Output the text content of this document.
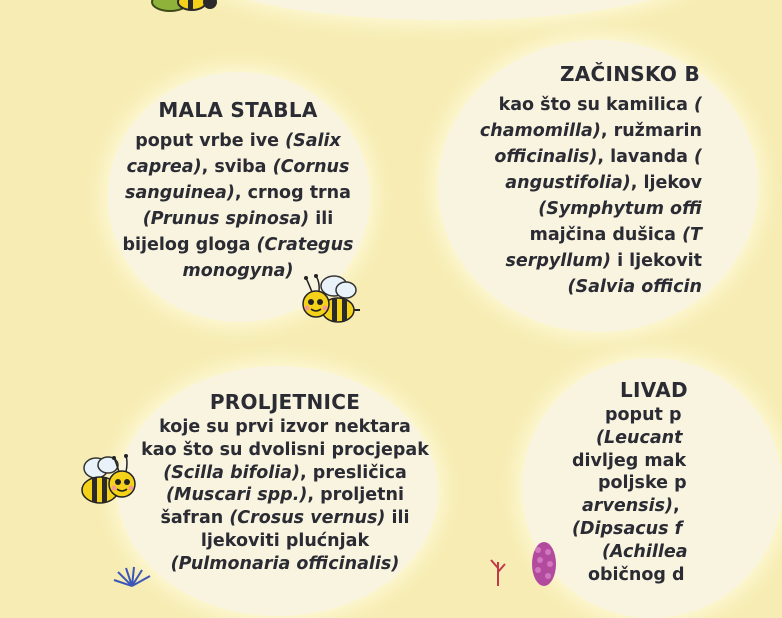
MALA STABLA

poput vrbe ive (Salix
caprea), sviba (Cornus
sanguinea), crnog trna
(Prunus spinosa) ili
bijelog gloga (Crategus
monogyna)

ZAČINSKO B

kao što su kamilica (
chamomilla), ružmarin
officinalis), lavanda (
angustifolia), ljekov
(Symphytum offi
majčina dušica (T
serpyllum) i ljekovit
(Salvia officin

PROLJETNICE

koje su prvi izvor nektara
kao što su dvolisni procjepak
(Scilla bifolia), presličica
(Muscari spp.), proljetni
šafran (Crosus vernus) ili
ljekoviti plućnjak
(Pulmonaria officinalis)

LIVAD

poput p
(Leucant
divljeg mak
poljske p
arvensis),
(Dipsacus f
(Achillea
običnog d
